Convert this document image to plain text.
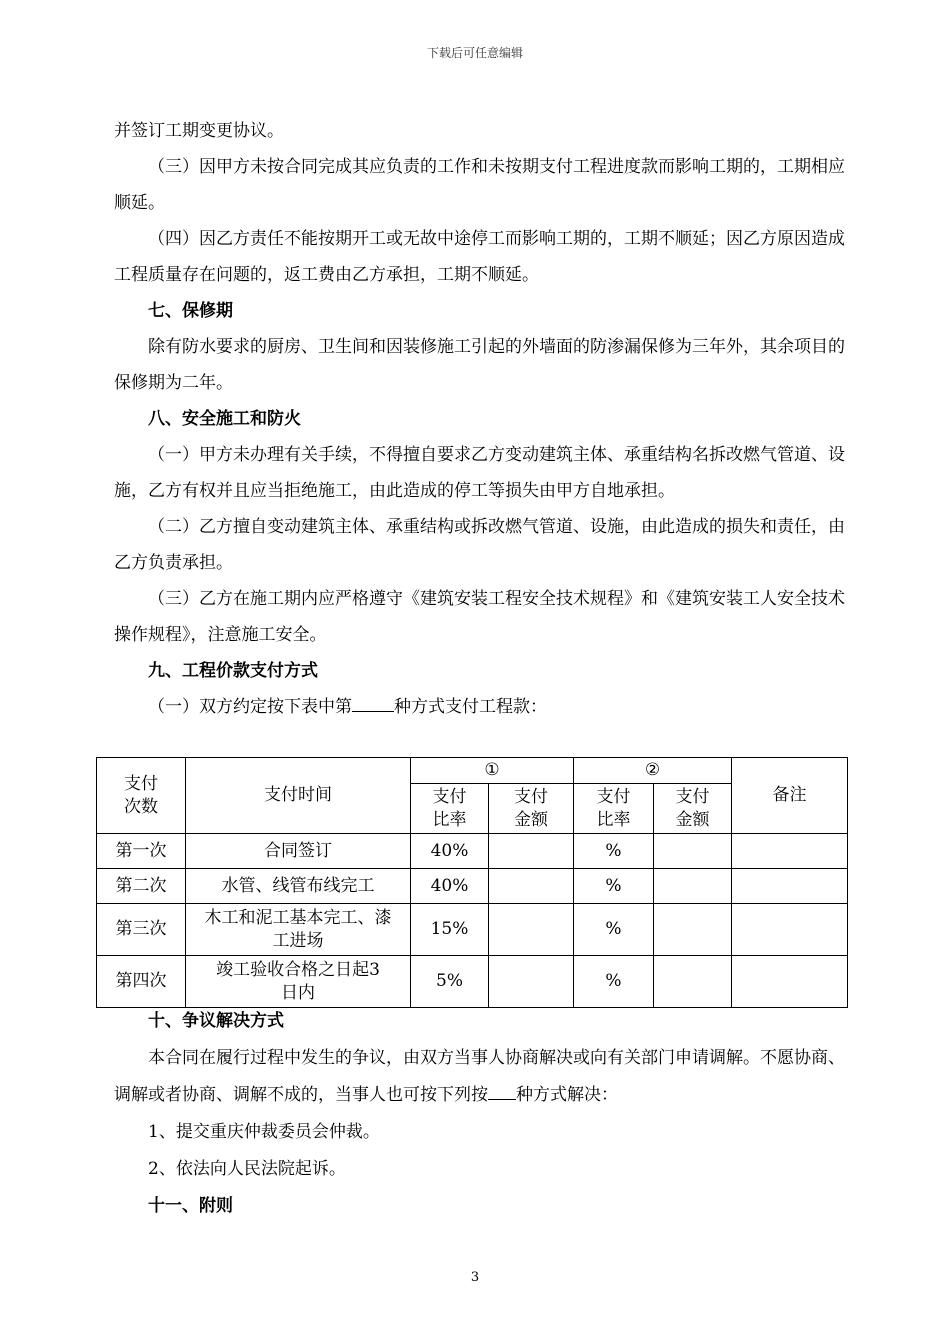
下载后可任意编辑

并签订工期变更协议。

（三）因甲方未按合同完成其应负责的工作和未按期支付工程进度款而影响工期的，工期相应顺延。

（四）因乙方责任不能按期开工或无故中途停工而影响工期的，工期不顺延；因乙方原因造成工程质量存在问题的，返工费由乙方承担，工期不顺延。

七、保修期

除有防水要求的厨房、卫生间和因装修施工引起的外墙面的防渗漏保修为三年外，其余项目的保修期为二年。

八、安全施工和防火

（一）甲方未办理有关手续，不得擅自要求乙方变动建筑主体、承重结构名拆改燃气管道、设施，乙方有权并且应当拒绝施工，由此造成的停工等损失由甲方自地承担。

（二）乙方擅自变动建筑主体、承重结构或拆改燃气管道、设施，由此造成的损失和责任，由乙方负责承担。

（三）乙方在施工期内应严格遵守《建筑安装工程安全技术规程》和《建筑安装工人安全技术操作规程》，注意施工安全。

九、工程价款支付方式

（一）双方约定按下表中第 种方式支付工程款：

支付次数	支付时间	①		②		备注
		支付比率	支付金额	支付比率	支付金额	
第一次	合同签订	40%		%		
第二次	水管、线管布线完工	40%		%		
第三次	木工和泥工基本完工、漆工进场	15%		%		
第四次	竣工验收合格之日起3日内	5%		%		

十、争议解决方式

本合同在履行过程中发生的争议，由双方当事人协商解决或向有关部门申请调解。不愿协商、调解或者协商、调解不成的，当事人也可按下列按 种方式解决：

1、提交重庆仲裁委员会仲裁。

2、依法向人民法院起诉。

十一、附则

3
